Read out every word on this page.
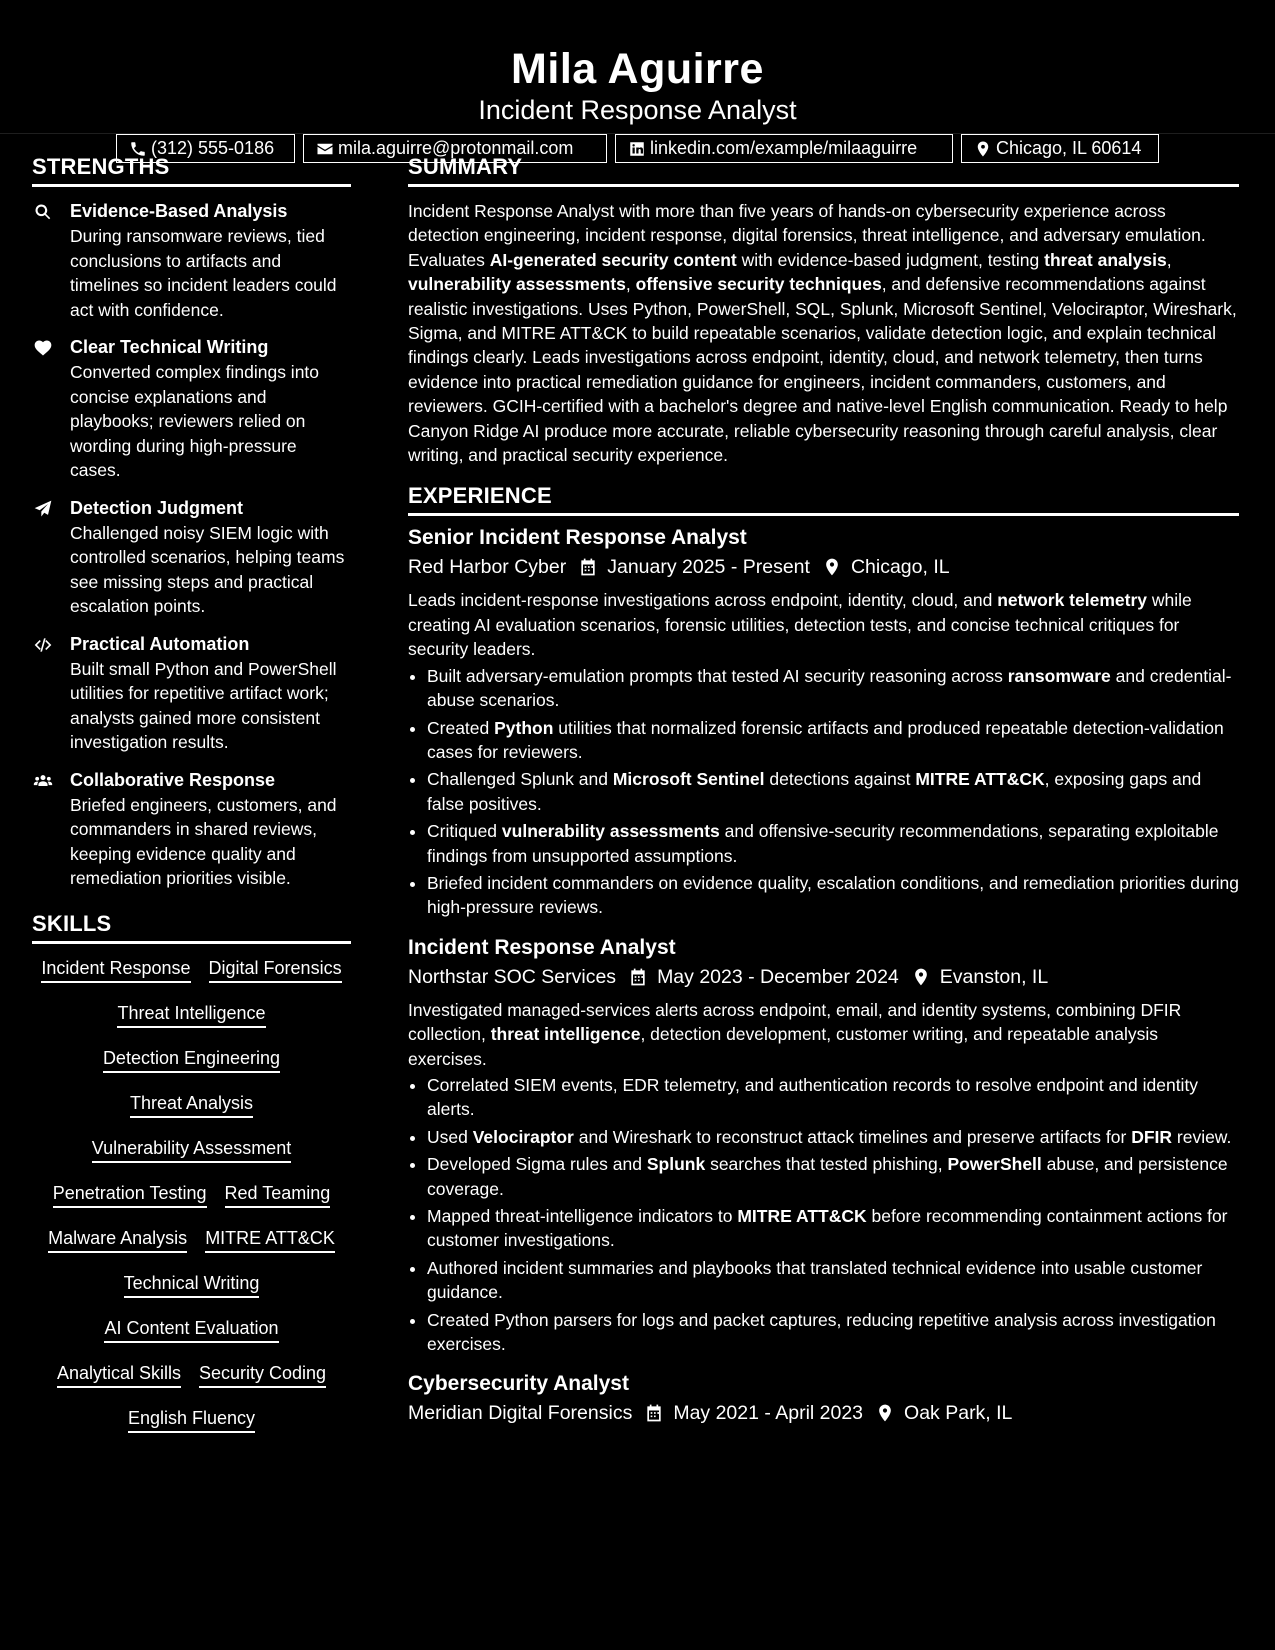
Mila Aguirre
Incident Response Analyst
(312) 555-0186	mila.aguirre@protonmail.com	linkedin.com/example/milaaguirre	Chicago, IL 60614
STRENGTHS
Evidence-Based Analysis
During ransomware reviews, tied conclusions to artifacts and timelines so incident leaders could act with confidence.
Clear Technical Writing
Converted complex findings into concise explanations and playbooks; reviewers relied on wording during high-pressure cases.
Detection Judgment
Challenged noisy SIEM logic with controlled scenarios, helping teams see missing steps and practical escalation points.
Practical Automation
Built small Python and PowerShell utilities for repetitive artifact work; analysts gained more consistent investigation results.
Collaborative Response
Briefed engineers, customers, and commanders in shared reviews, keeping evidence quality and remediation priorities visible.
SKILLS
Incident Response Digital Forensics
Threat Intelligence
Detection Engineering
Threat Analysis
Vulnerability Assessment
Penetration Testing Red Teaming
Malware Analysis MITRE ATT&CK
Technical Writing
AI Content Evaluation
Analytical Skills Security Coding
English Fluency
SUMMARY
Incident Response Analyst with more than five years of hands-on cybersecurity experience across detection engineering, incident response, digital forensics, threat intelligence, and adversary emulation. Evaluates AI-generated security content with evidence-based judgment, testing threat analysis, vulnerability assessments, offensive security techniques, and defensive recommendations against realistic investigations. Uses Python, PowerShell, SQL, Splunk, Microsoft Sentinel, Velociraptor, Wireshark, Sigma, and MITRE ATT&CK to build repeatable scenarios, validate detection logic, and explain technical findings clearly. Leads investigations across endpoint, identity, cloud, and network telemetry, then turns evidence into practical remediation guidance for engineers, incident commanders, customers, and reviewers. GCIH-certified with a bachelor's degree and native-level English communication. Ready to help Canyon Ridge AI produce more accurate, reliable cybersecurity reasoning through careful analysis, clear writing, and practical security experience.
EXPERIENCE
Senior Incident Response Analyst
Red Harbor Cyber January 2025 - Present Chicago, IL
Leads incident-response investigations across endpoint, identity, cloud, and network telemetry while creating AI evaluation scenarios, forensic utilities, detection tests, and concise technical critiques for security leaders.
• Built adversary-emulation prompts that tested AI security reasoning across ransomware and credential-abuse scenarios.
• Created Python utilities that normalized forensic artifacts and produced repeatable detection-validation cases for reviewers.
• Challenged Splunk and Microsoft Sentinel detections against MITRE ATT&CK, exposing gaps and false positives.
• Critiqued vulnerability assessments and offensive-security recommendations, separating exploitable findings from unsupported assumptions.
• Briefed incident commanders on evidence quality, escalation conditions, and remediation priorities during high-pressure reviews.
Incident Response Analyst
Northstar SOC Services May 2023 - December 2024 Evanston, IL
Investigated managed-services alerts across endpoint, email, and identity systems, combining DFIR collection, threat intelligence, detection development, customer writing, and repeatable analysis exercises.
• Correlated SIEM events, EDR telemetry, and authentication records to resolve endpoint and identity alerts.
• Used Velociraptor and Wireshark to reconstruct attack timelines and preserve artifacts for DFIR review.
• Developed Sigma rules and Splunk searches that tested phishing, PowerShell abuse, and persistence coverage.
• Mapped threat-intelligence indicators to MITRE ATT&CK before recommending containment actions for customer investigations.
• Authored incident summaries and playbooks that translated technical evidence into usable customer guidance.
• Created Python parsers for logs and packet captures, reducing repetitive analysis across investigation exercises.
Cybersecurity Analyst
Meridian Digital Forensics May 2021 - April 2023 Oak Park, IL
